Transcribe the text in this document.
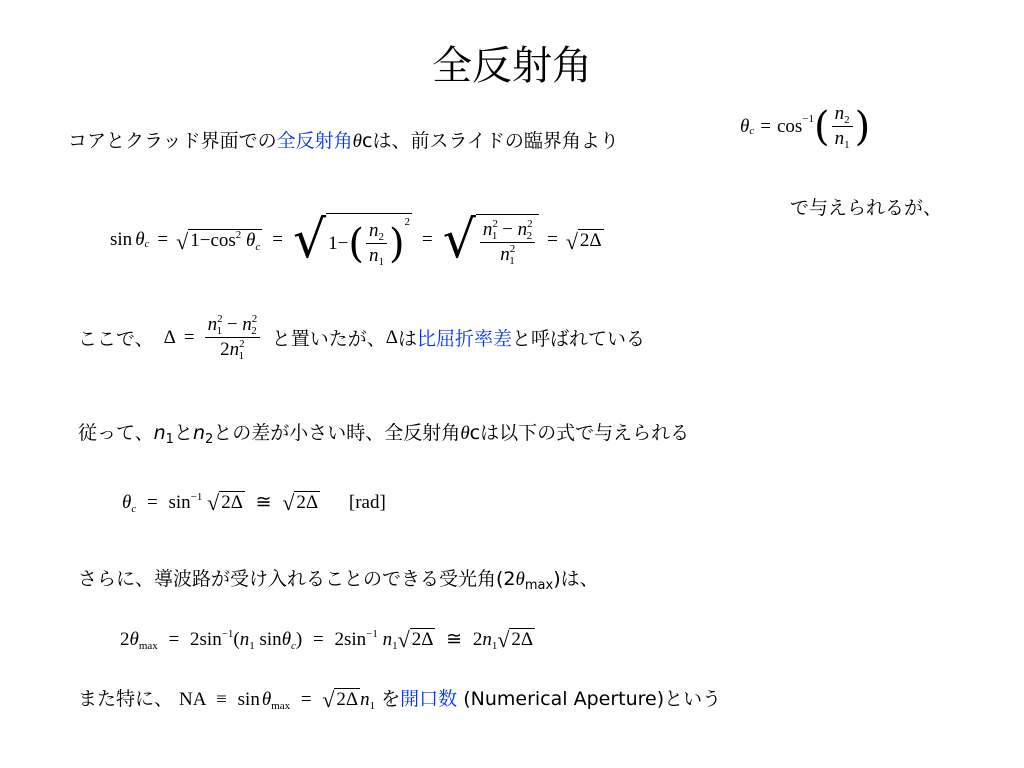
全反射角
コアとクラッド界面での全反射角θcは、前スライドの臨界角より
θ c = cos −1 ( $\frac{n_2}{n_1}$ )
で与えられるが、
sin θ c = √ $1-\cos^2$ $\theta_c$ = √ 1 − ( $\frac{n_2}{n_1}$ ) 2
= √ $\frac{n^2_1 - n^2_2}{n^2_1}$ = √ 2Δ
ここで、 $\Delta = \frac{n^2_1 - n^2_2}{2n^2_1}$ と置いたが、 Δ は 比屈折率差 と呼ばれている
従って、$n_1$と$n_2$との差が小さい時、全反射角θcは以下の式で与えられる
$\theta_c = \sin^{-1}$ √ 2Δ ≅ √ 2Δ [rad]
さらに、導波路が受け入れることのできる受光角$(2\theta_{max})$は、
$2\theta_{max} = 2\sin^{-1}(n_1$ $\sin\theta_c) = 2\sin^{-1}$ $n_1√$ 2Δ ≅ $2n_1√$ 2Δ
また特に、 NA ≡ $\sin \theta_{max}$ = √ 2Δ $n_1$ を 開口数 (Numerical Aperture)という
